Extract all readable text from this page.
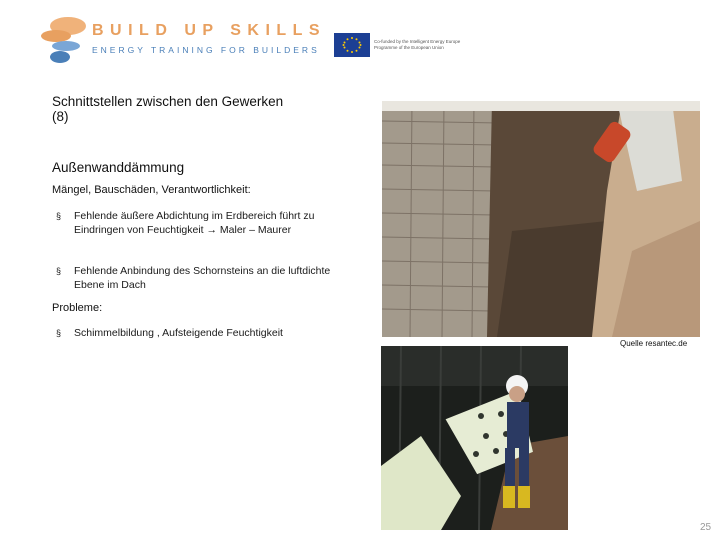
BUILD UP SKILLS
ENERGY TRAINING FOR BUILDERS
Co-funded by the Intelligent Energy Europe Programme of the European Union
Schnittstellen zwischen den Gewerken (8)
Außenwanddämmung
Mängel, Bauschäden, Verantwortlichkeit:
§ Fehlende äußere Abdichtung im Erdbereich führt zu Eindringen von Feuchtigkeit → Maler – Maurer
§ Fehlende Anbindung des Schornsteins an die luftdichte Ebene im Dach
Probleme:
§ Schimmelbildung , Aufsteigende Feuchtigkeit
Quelle resantec.de
25
